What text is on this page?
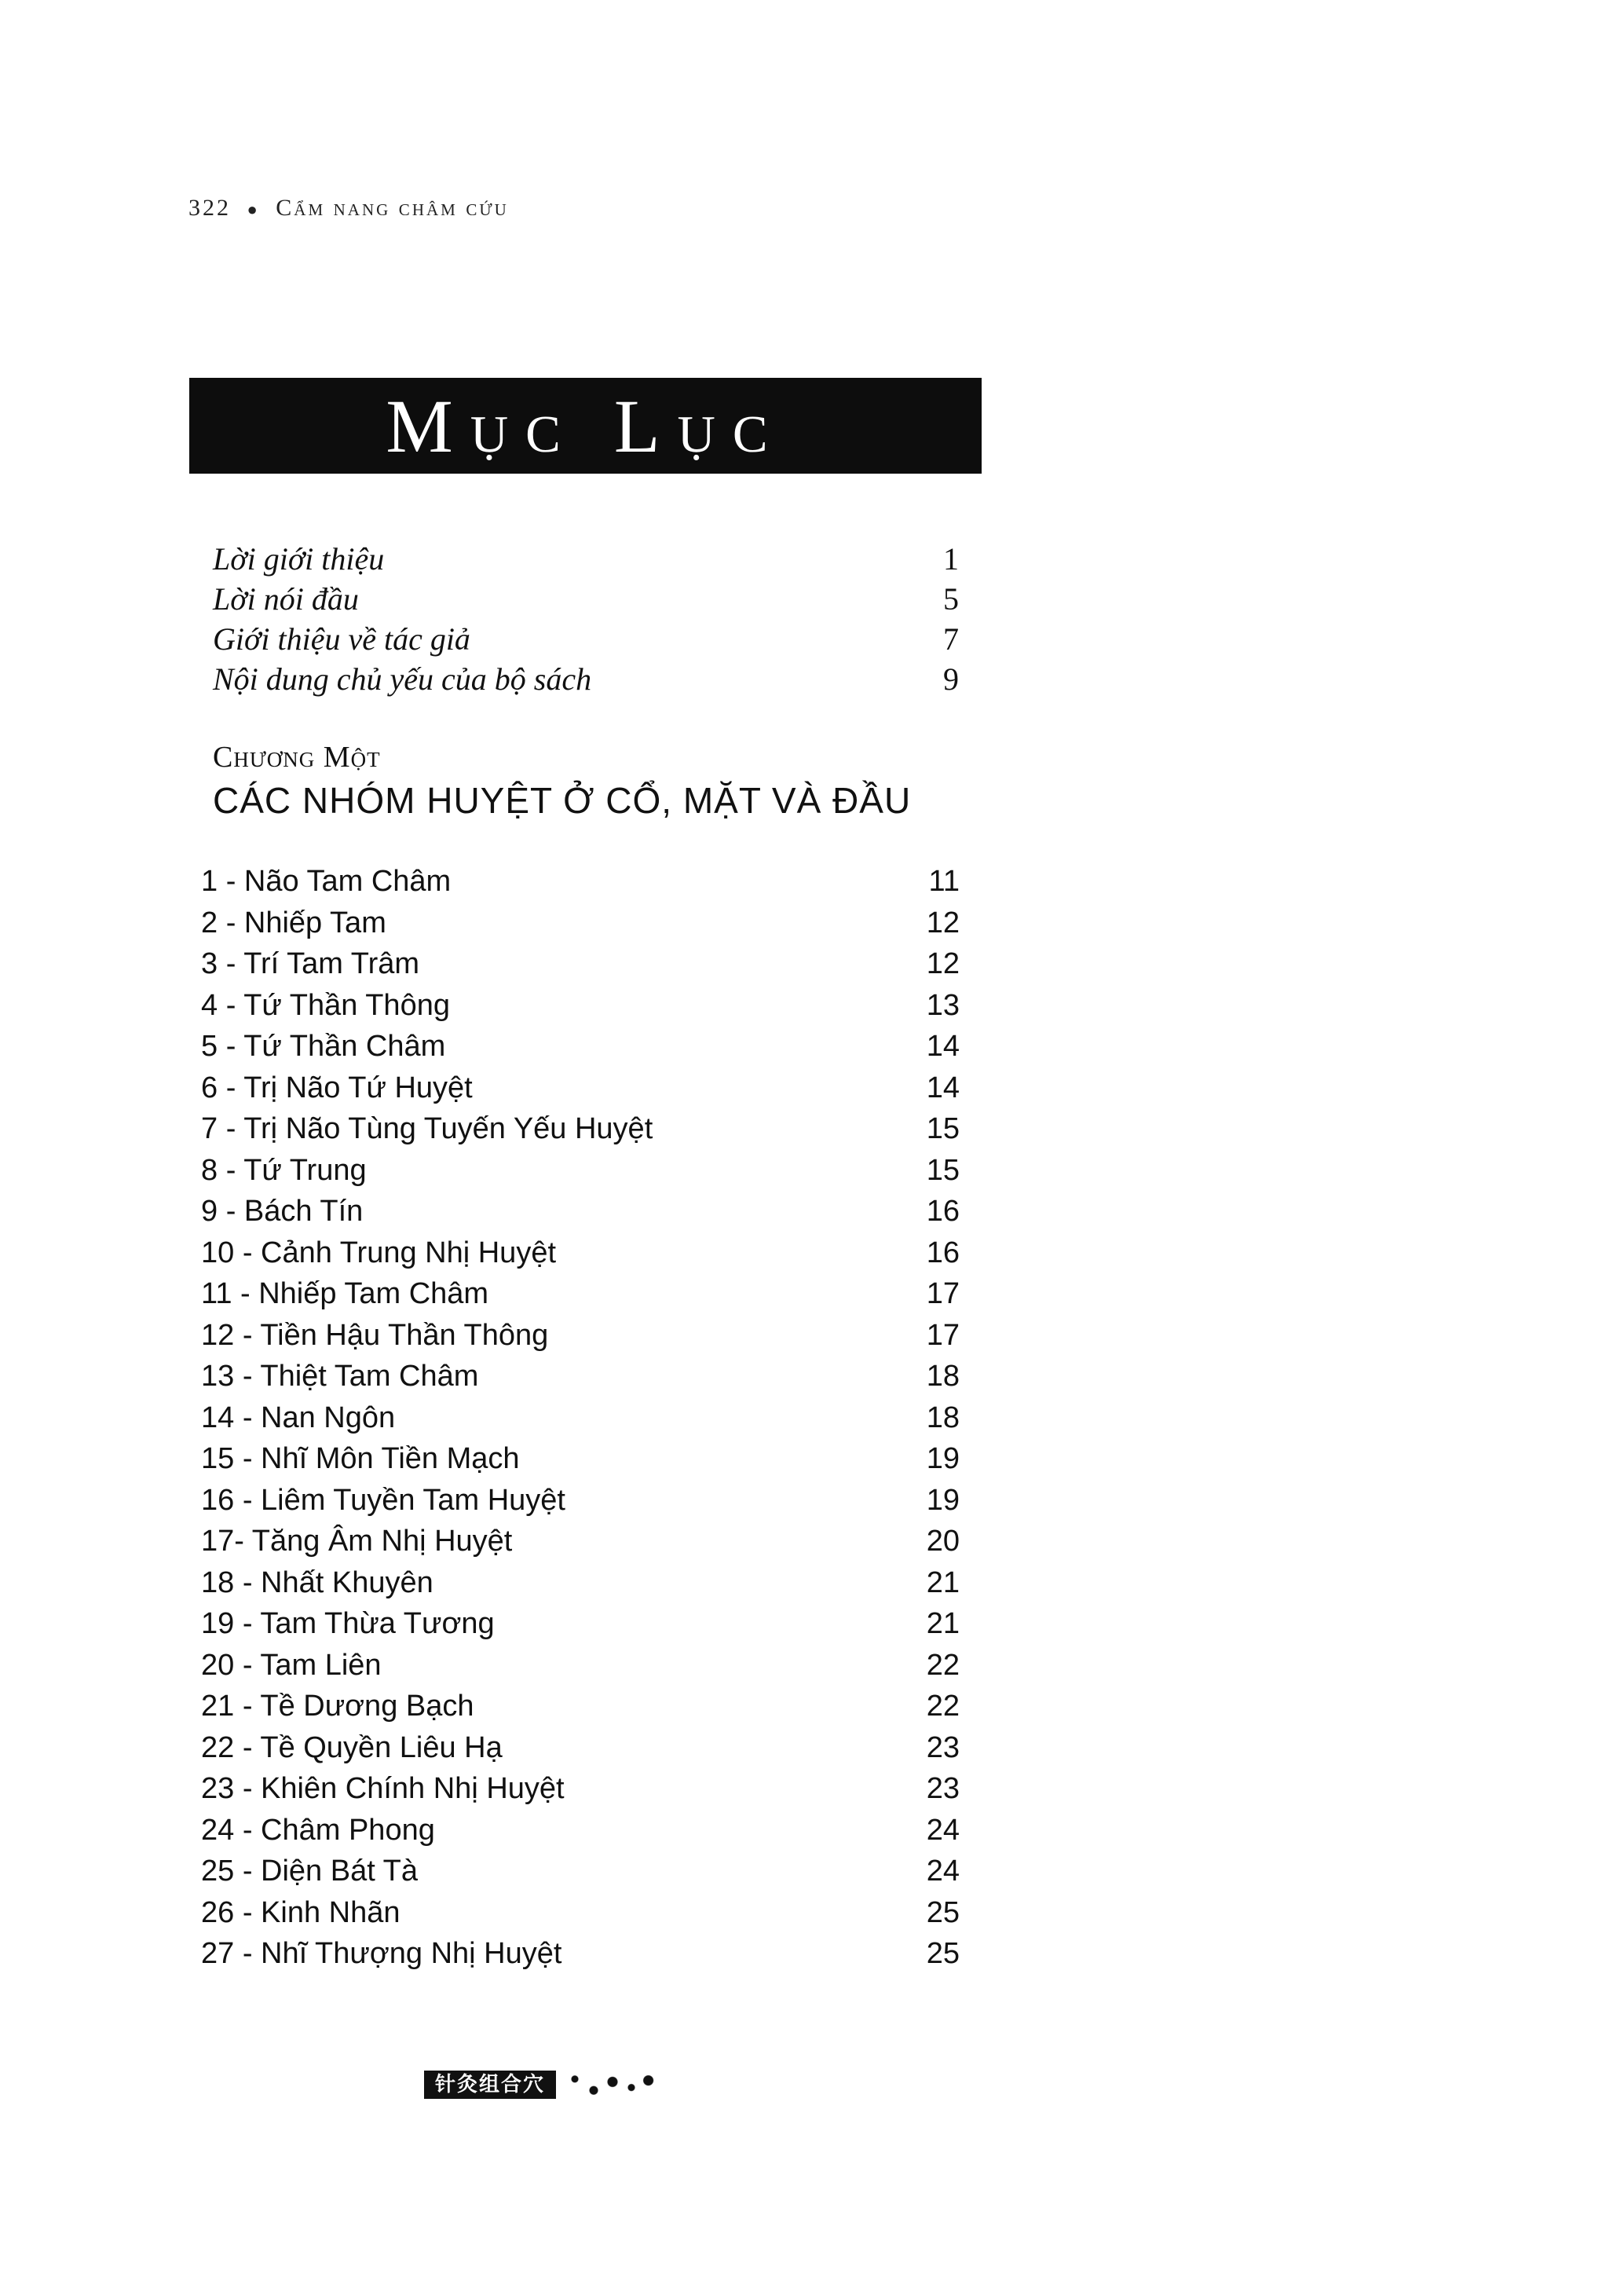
322 ● Cẩm nang châm cứu
Mục Lục
Lời giới thiệu	1
Lời nói đầu	5
Giới thiệu về tác giả	7
Nội dung chủ yếu của bộ sách	9
Chương Một
CÁC NHÓM HUYỆT Ở CỔ, MẶT VÀ ĐẦU
1 - Não Tam Châm	11
2 - Nhiếp Tam	12
3 - Trí Tam Trâm	12
4 - Tứ Thần Thông	13
5 - Tứ Thần Châm	14
6 - Trị Não Tứ Huyệt	14
7 - Trị Não Tùng Tuyến Yếu Huyệt	15
8 - Tứ Trung	15
9 - Bách Tín	16
10 - Cảnh Trung Nhị Huyệt	16
11 - Nhiếp Tam Châm	17
12 - Tiền Hậu Thần Thông	17
13 - Thiệt Tam Châm	18
14 - Nan Ngôn	18
15 - Nhĩ Môn Tiền Mạch	19
16 - Liêm Tuyền Tam Huyệt	19
17- Tăng Âm Nhị Huyệt	20
18 - Nhất Khuyên	21
19 - Tam Thừa Tương	21
20 - Tam Liên	22
21 - Tề Dương Bạch	22
22 - Tề Quyền Liêu Hạ	23
23 - Khiên Chính Nhị Huyệt	23
24 - Châm Phong	24
25 - Diện Bát Tà	24
26 - Kinh Nhãn	25
27 - Nhĩ Thượng Nhị Huyệt	25
针灸组合穴
